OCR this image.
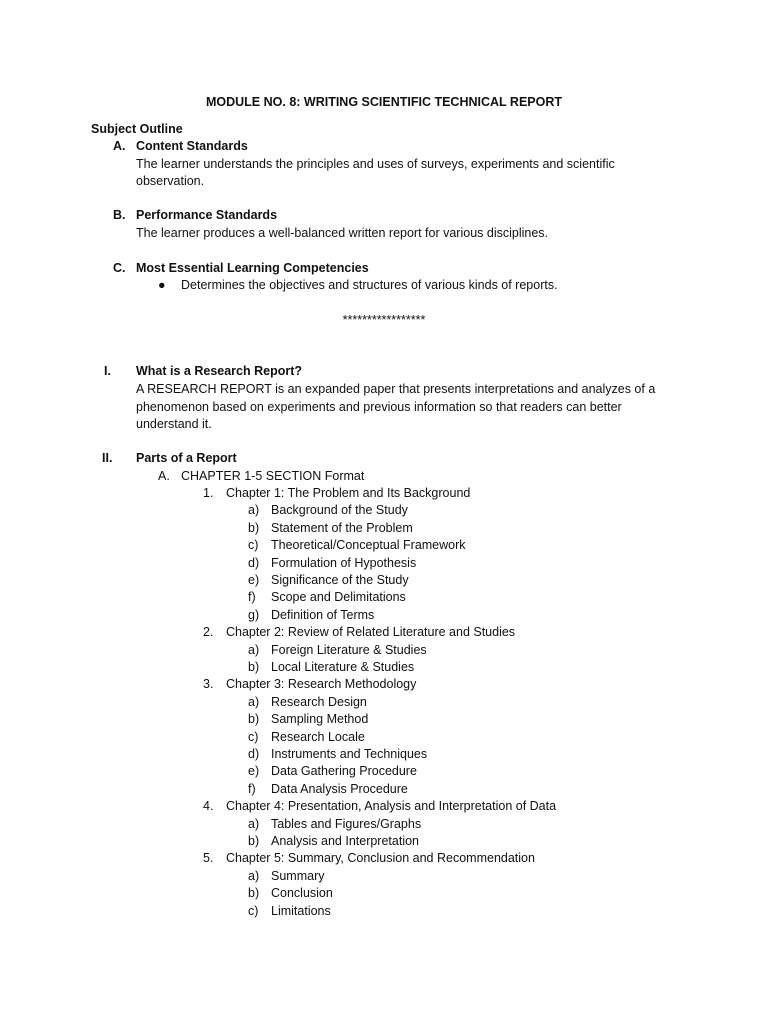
MODULE NO. 8: WRITING SCIENTIFIC TECHNICAL REPORT
Subject Outline
A. Content Standards
The learner understands the principles and uses of surveys, experiments and scientific
observation.
B. Performance Standards
The learner produces a well-balanced written report for various disciplines.
C. Most Essential Learning Competencies
● Determines the objectives and structures of various kinds of reports.
*****************
I. What is a Research Report?
A RESEARCH REPORT is an expanded paper that presents interpretations and analyzes of a
phenomenon based on experiments and previous information so that readers can better
understand it.
II. Parts of a Report
A. CHAPTER 1-5 SECTION Format
1. Chapter 1: The Problem and Its Background
a) Background of the Study
b) Statement of the Problem
c) Theoretical/Conceptual Framework
d) Formulation of Hypothesis
e) Significance of the Study
f) Scope and Delimitations
g) Definition of Terms
2. Chapter 2: Review of Related Literature and Studies
a) Foreign Literature & Studies
b) Local Literature & Studies
3. Chapter 3: Research Methodology
a) Research Design
b) Sampling Method
c) Research Locale
d) Instruments and Techniques
e) Data Gathering Procedure
f) Data Analysis Procedure
4. Chapter 4: Presentation, Analysis and Interpretation of Data
a) Tables and Figures/Graphs
b) Analysis and Interpretation
5. Chapter 5: Summary, Conclusion and Recommendation
a) Summary
b) Conclusion
c) Limitations
